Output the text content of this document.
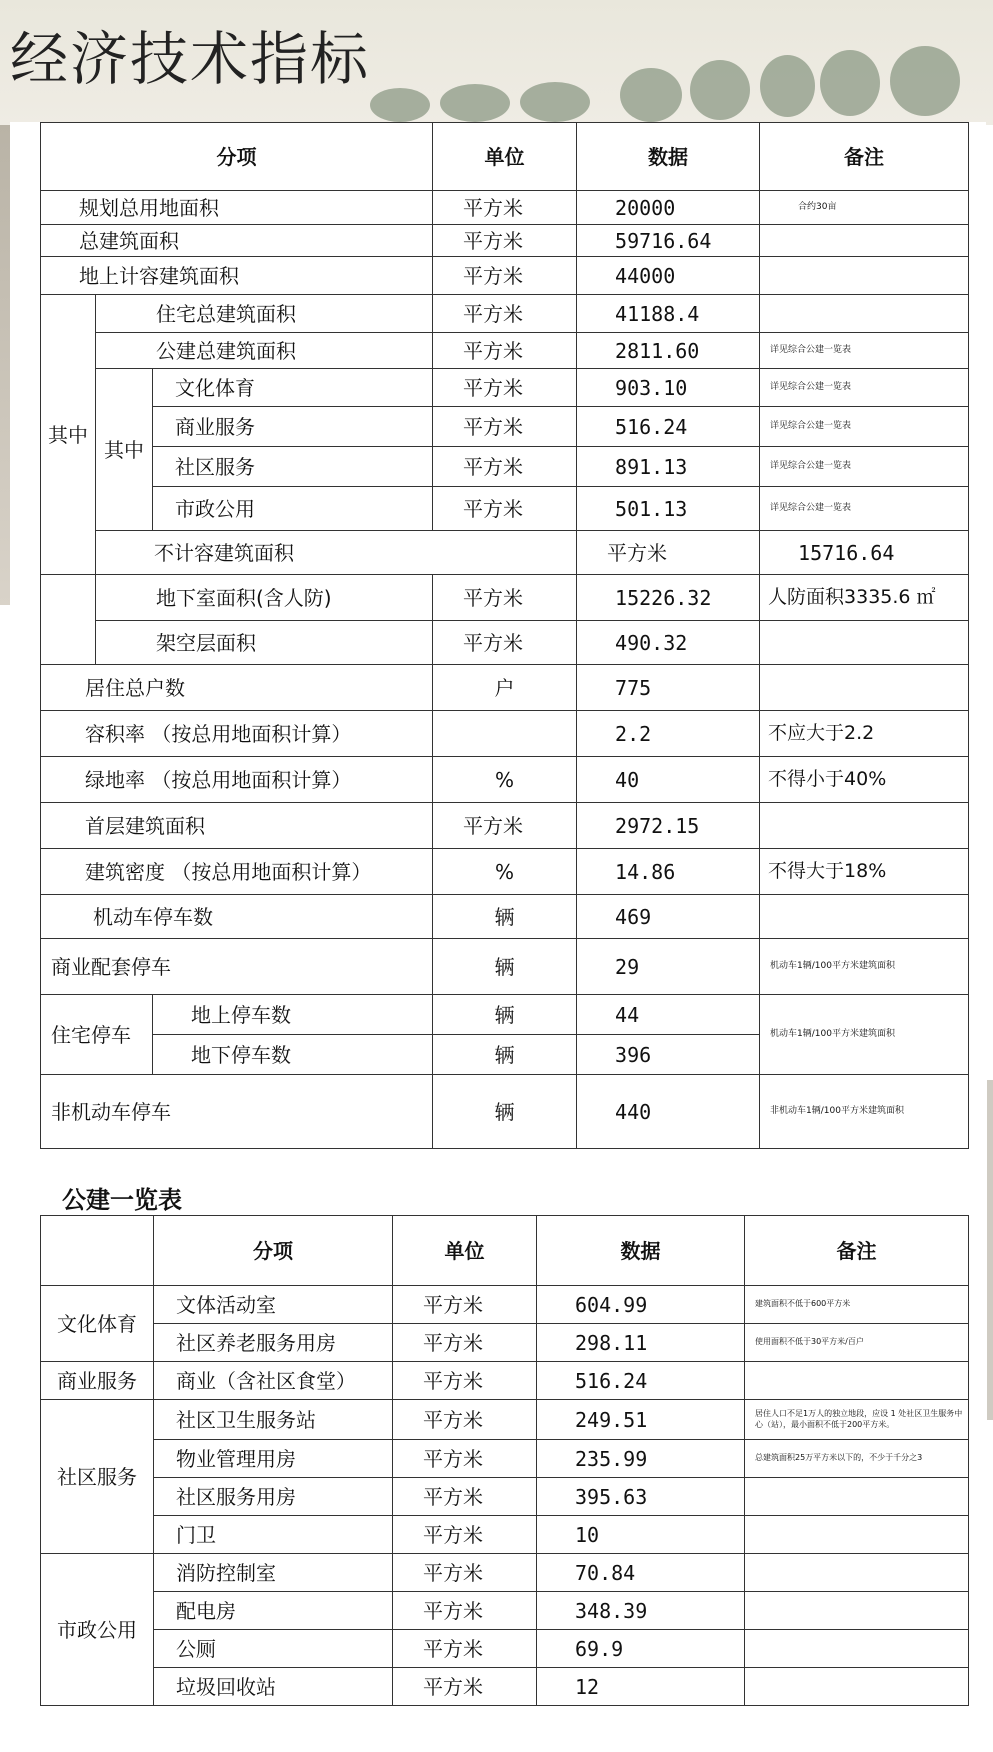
经济技术指标
分项			单位	数据	备注	
规划总用地面积			平方米	20000	合约30亩	
总建筑面积			平方米	59716.64		
地上计容建筑面积			平方米	44000		
其中	住宅总建筑面积		平方米	41188.4		
	公建总建筑面积		平方米	2811.60	详见综合公建一览表	
	其中	文化体育	平方米	903.10	详见综合公建一览表	
		商业服务	平方米	516.24	详见综合公建一览表	
		社区服务	平方米	891.13	详见综合公建一览表	
		市政公用	平方米	501.13	详见综合公建一览表	
	不计容建筑面积			平方米	15716.64	
	地下室面积(含人防)		平方米	15226.32	人防面积3335.6 ㎡	
	架空层面积		平方米	490.32		
居住总户数			户	775		
容积率 （按总用地面积计算）				2.2	不应大于2.2	
绿地率 （按总用地面积计算）			%	40	不得小于40%	
首层建筑面积			平方米	2972.15		
建筑密度 （按总用地面积计算）			%	14.86	不得大于18%	
机动车停车数			辆	469		
商业配套停车			辆	29	机动车1辆/100平方米建筑面积	
住宅停车		地上停车数	辆	44	机动车1辆/100平方米建筑面积	
		地下停车数	辆	396		
非机动车停车			辆	440	非机动车1辆/100平方米建筑面积	
公建一览表
	分项	单位	数据	备注
文化体育	文体活动室	平方米	604.99	建筑面积不低于600平方米
	社区养老服务用房	平方米	298.11	使用面积不低于30平方米/百户
商业服务	商业（含社区食堂）	平方米	516.24	
社区服务	社区卫生服务站	平方米	249.51	居住人口不足1万人的独立地段，应设 1 处社区卫生服务中心（站），最小面积不低于200平方米。
	物业管理用房	平方米	235.99	总建筑面积25万平方米以下的，不少于千分之3
	社区服务用房	平方米	395.63	
	门卫	平方米	10	
市政公用	消防控制室	平方米	70.84	
	配电房	平方米	348.39	
	公厕	平方米	69.9	
	垃圾回收站	平方米	12	
